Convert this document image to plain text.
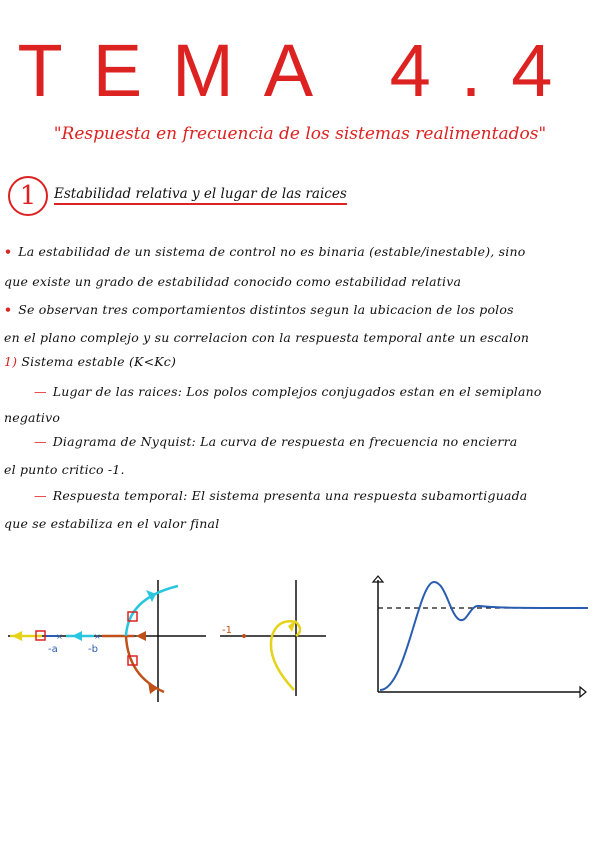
TEMA 4.4
"Respuesta en frecuencia de los sistemas realimentados"
1	Estabilidad relativa y el lugar de las raices
• La estabilidad de un sistema de control no es binaria (estable/inestable), sino
que existe un grado de estabilidad conocido como estabilidad relativa
• Se observan tres comportamientos distintos segun la ubicacion de los polos
en el plano complejo y su correlacion con la respuesta temporal ante un escalon
1) Sistema estable (K<Kc)
— Lugar de las raices: Los polos complejos conjugados estan en el semiplano
negativo
— Diagrama de Nyquist: La curva de respuesta en frecuencia no encierra
el punto critico -1.
— Respuesta temporal: El sistema presenta una respuesta subamortiguada
que se estabiliza en el valor final
×	×
-a	-b
-1
